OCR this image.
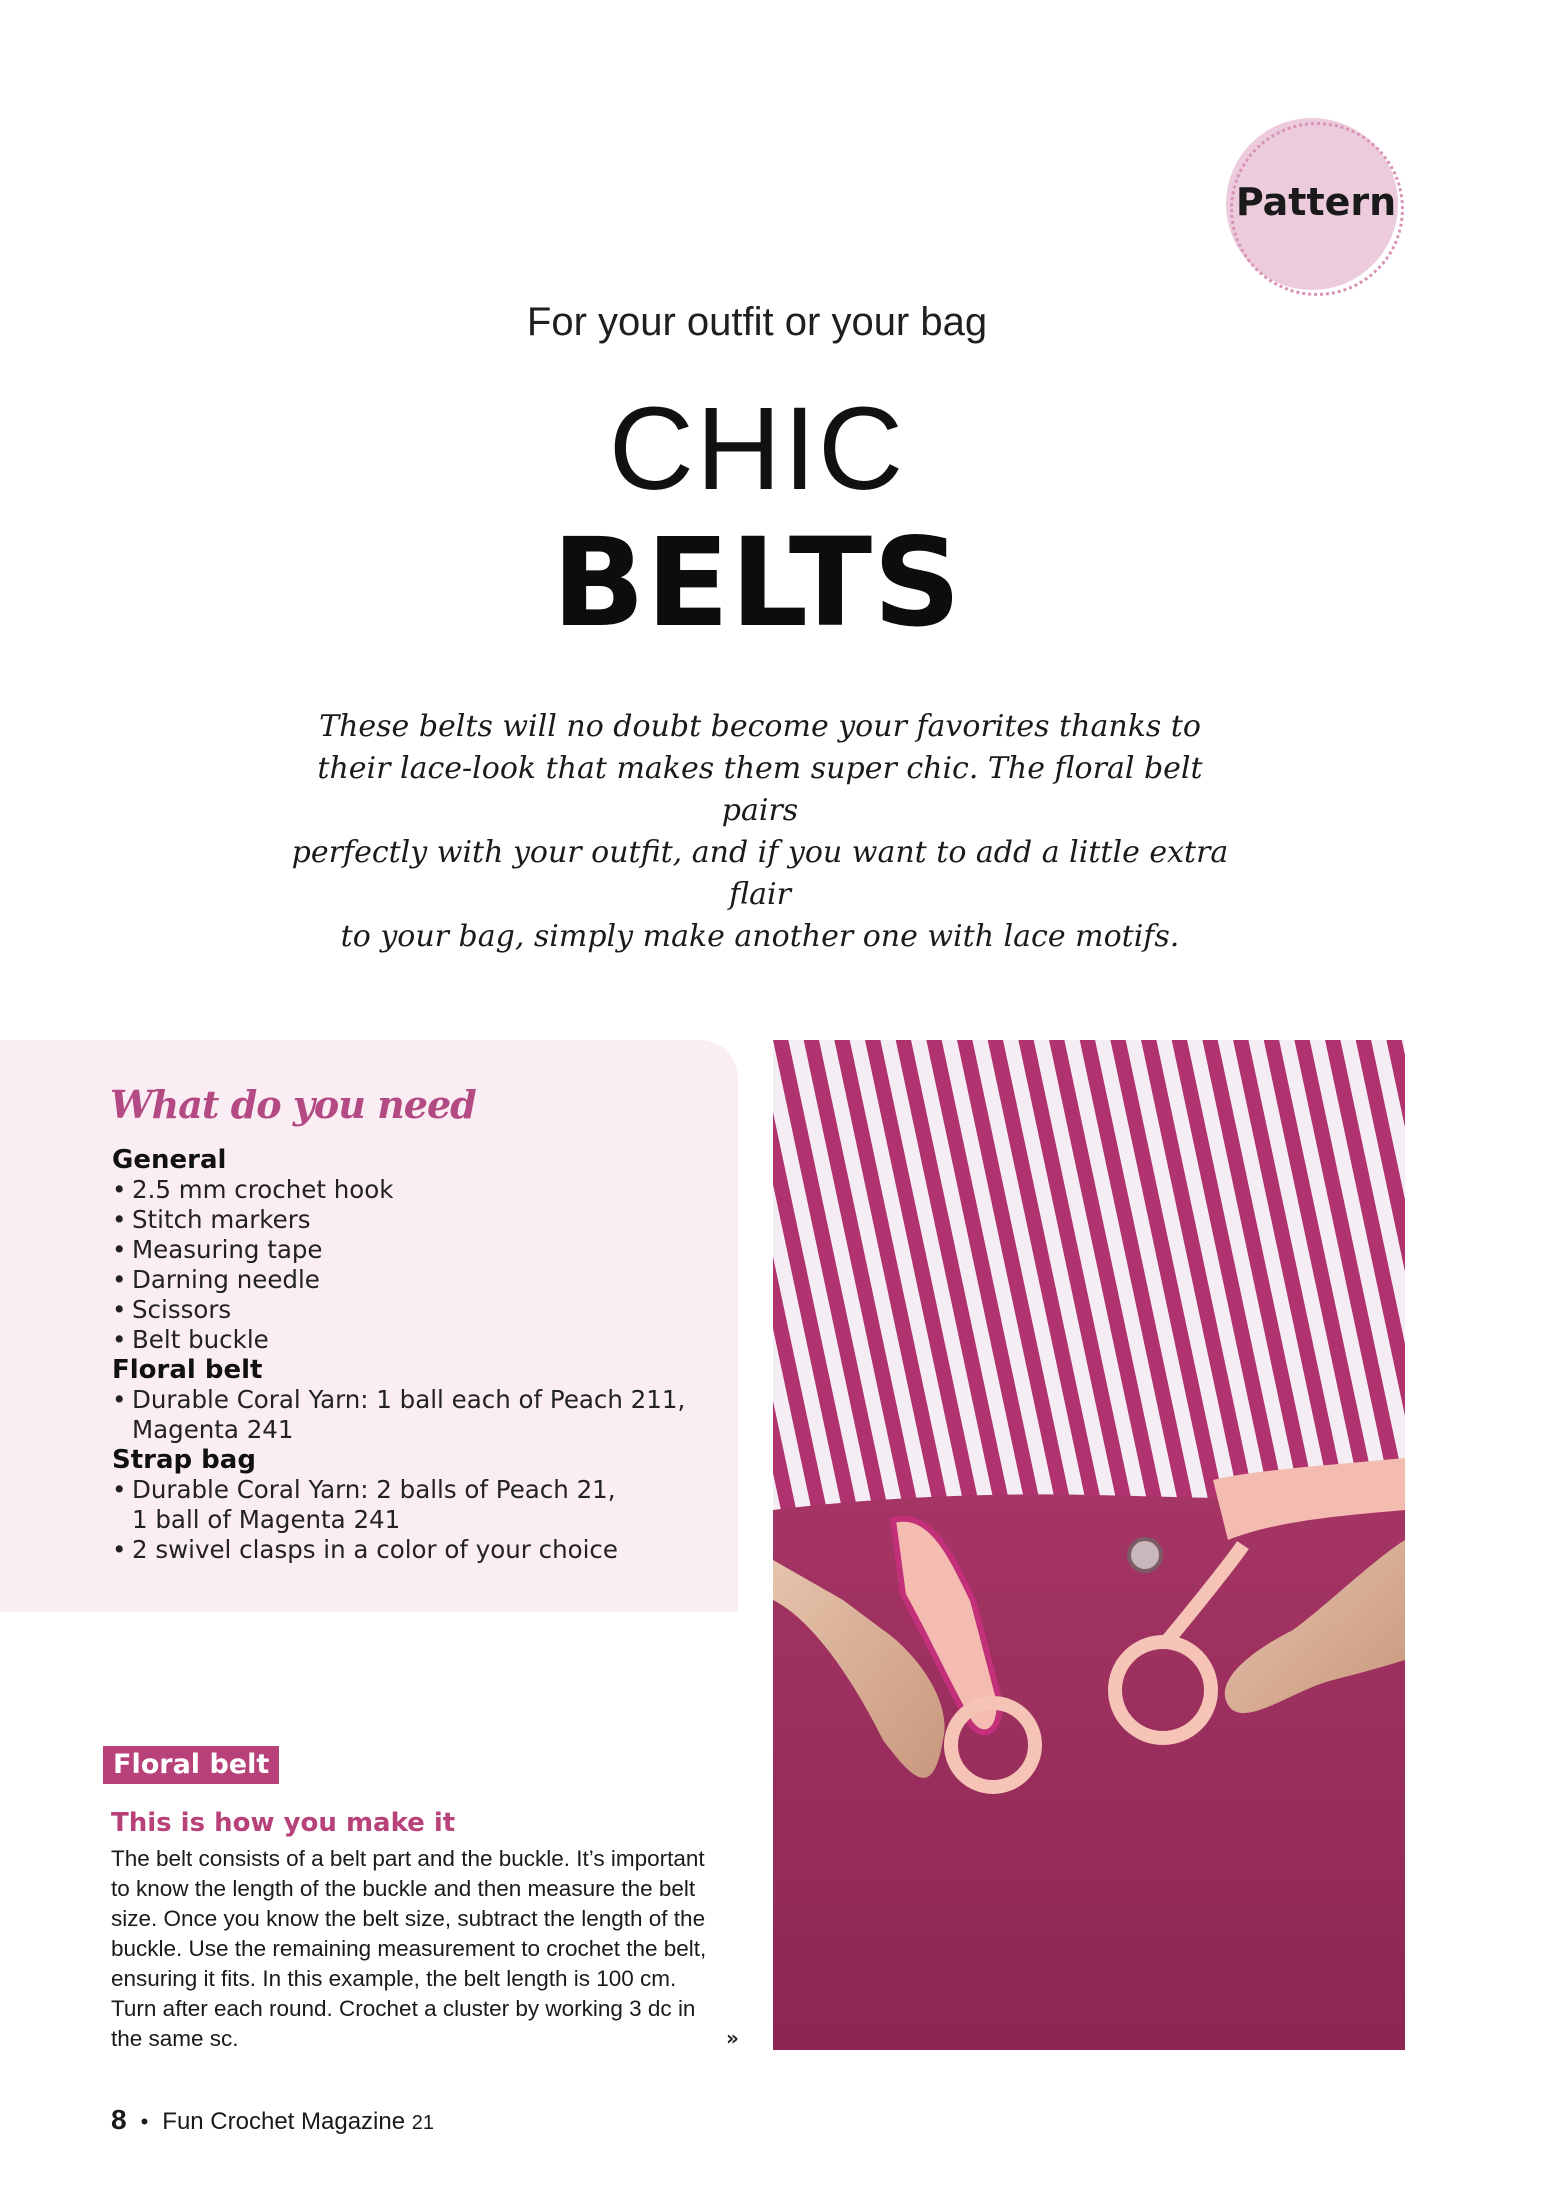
Pattern
For your outfit or your bag
CHIC
BELTS
These belts will no doubt become your favorites thanks to
their lace-look that makes them super chic. The floral belt pairs
perfectly with your outfit, and if you want to add a little extra flair
to your bag, simply make another one with lace motifs.
What do you need
General
• 2.5 mm crochet hook
• Stitch markers
• Measuring tape
• Darning needle
• Scissors
• Belt buckle
Floral belt
• Durable Coral Yarn: 1 ball each of Peach 211,
Magenta 241
Strap bag
• Durable Coral Yarn: 2 balls of Peach 21,
1 ball of Magenta 241
• 2 swivel clasps in a color of your choice
Floral belt
This is how you make it
The belt consists of a belt part and the buckle. It’s important
to know the length of the buckle and then measure the belt
size. Once you know the belt size, subtract the length of the
buckle. Use the remaining measurement to crochet the belt,
ensuring it fits. In this example, the belt length is 100 cm.
Turn after each round. Crochet a cluster by working 3 dc in
the same sc.	»
8 • Fun Crochet Magazine 21
